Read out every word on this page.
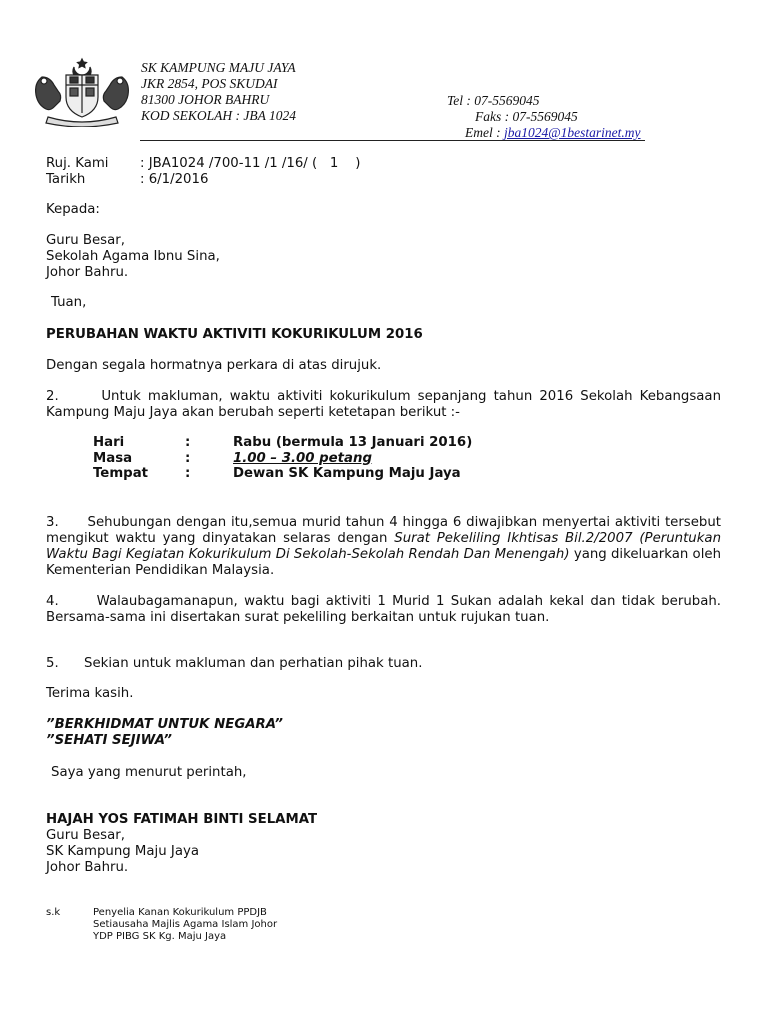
SK KAMPUNG MAJU JAYA
JKR 2854, POS SKUDAI
81300 JOHOR BAHRU
KOD SEKOLAH : JBA 1024
Tel : 07-5569045
Faks : 07-5569045
Emel : jba1024@1bestarinet.my
Ruj. Kami : JBA1024 /700-11 /1 /16/ (   1    )
Tarikh	: 6/1/2016
Kepada:
Guru Besar,
Sekolah Agama Ibnu Sina,
Johor Bahru.
Tuan,
PERUBAHAN WAKTU AKTIVITI KOKURIKULUM 2016
Dengan segala hormatnya perkara di atas dirujuk.
2.      Untuk makluman, waktu aktiviti kokurikulum sepanjang tahun 2016 Sekolah Kebangsaan Kampung Maju Jaya akan berubah seperti ketetapan berikut :-
Hari	:	Rabu (bermula 13 Januari 2016)
Masa	:	1.00 – 3.00 petang
Tempat	:	Dewan SK Kampung Maju Jaya
3.      Sehubungan dengan itu,semua murid tahun 4 hingga 6 diwajibkan menyertai aktiviti tersebut mengikut waktu yang dinyatakan selaras dengan Surat Pekeliling Ikhtisas Bil.2/2007 (Peruntukan Waktu Bagi Kegiatan Kokurikulum Di Sekolah-Sekolah Rendah Dan Menengah) yang dikeluarkan oleh Kementerian Pendidikan Malaysia.
4.      Walaubagamanapun, waktu bagi aktiviti 1 Murid 1 Sukan adalah kekal dan tidak berubah. Bersama-sama ini disertakan surat pekeliling berkaitan untuk rujukan tuan.
5.      Sekian untuk makluman dan perhatian pihak tuan.
Terima kasih.
”BERKHIDMAT UNTUK NEGARA”
”SEHATI SEJIWA”
Saya yang menurut perintah,
HAJAH YOS FATIMAH BINTI SELAMAT
Guru Besar,
SK Kampung Maju Jaya
Johor Bahru.
s.k	Penyelia Kanan Kokurikulum PPDJB
Setiausaha Majlis Agama Islam Johor
YDP PIBG SK Kg. Maju Jaya
